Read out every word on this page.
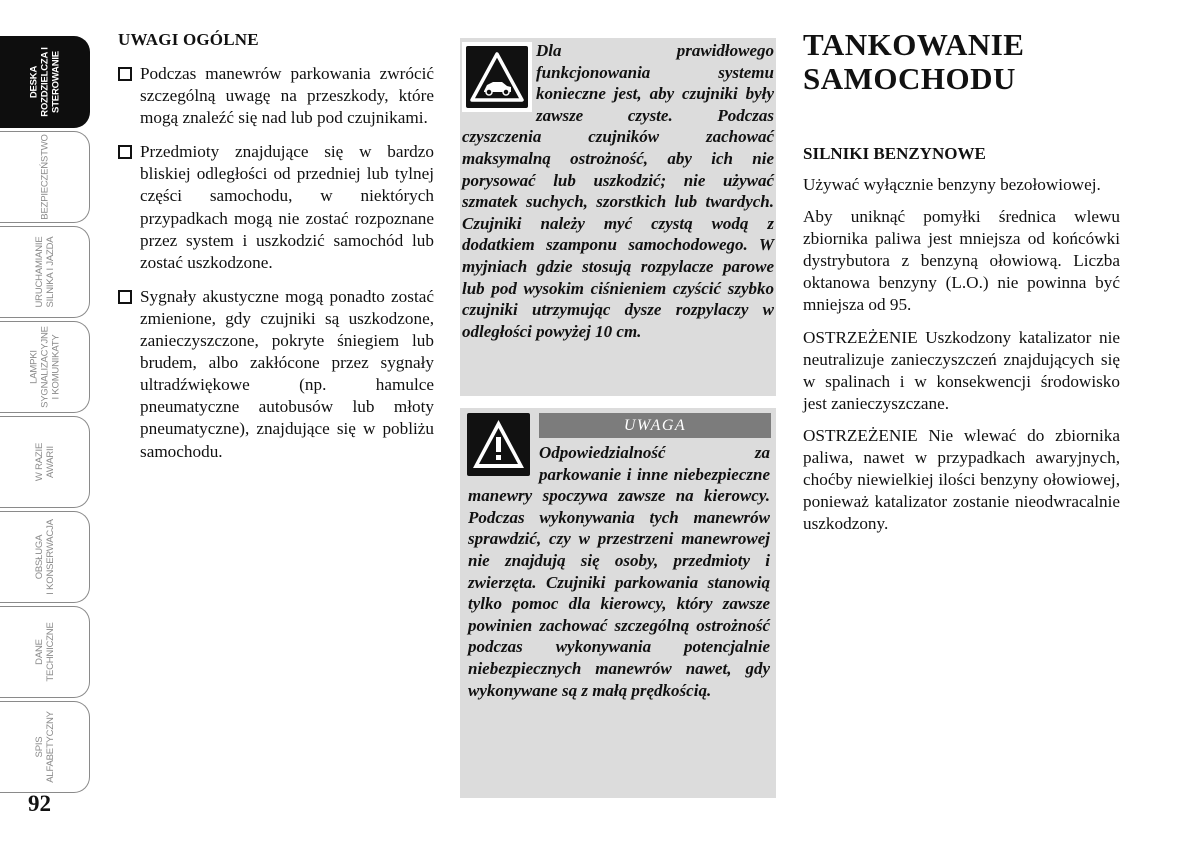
DESKA ROZDZIELCZA I STEROWANIE
BEZPIECZEŃSTWO
URUCHAMIANIE SILNIKA I JAZDA
LAMPKI SYGNALIZACYJNE I KOMUNIKATY
W RAZIE AWARII
OBSŁUGA I KONSERWACJA
DANE TECHNICZNE
SPIS ALFABETYCZNY
92
UWAGI OGÓLNE
Podczas manewrów parkowania zwrócić szczególną uwagę na przeszkody, które mogą znaleźć się nad lub pod czujnikami.
Przedmioty znajdujące się w bardzo bliskiej odległości od przedniej lub tylnej części samochodu, w niektórych przypadkach mogą nie zostać rozpoznane przez system i uszkodzić samochód lub zostać uszkodzone.
Sygnały akustyczne mogą ponadto zostać zmienione, gdy czujniki są uszkodzone, zanieczyszczone, pokryte śniegiem lub brudem, albo zakłócone przez sygnały ultradźwiękowe (np. hamulce pneumatyczne autobusów lub młoty pneumatyczne), znajdujące się w pobliżu samochodu.
Dla prawidłowego funkcjonowania systemu konieczne jest, aby czujniki były zawsze czyste. Podczas czyszczenia czujników zachować maksymalną ostrożność, aby ich nie porysować lub uszkodzić; nie używać szmatek suchych, szorstkich lub twardych. Czujniki należy myć czystą wodą z dodatkiem szamponu samochodowego. W myjniach gdzie stosują rozpylacze parowe lub pod wysokim ciśnieniem czyścić szybko czujniki utrzymując dysze rozpylaczy w odległości powyżej 10 cm.
UWAGA
Odpowiedzialność za parkowanie i inne niebezpieczne manewry spoczywa zawsze na kierowcy. Podczas wykonywania tych manewrów sprawdzić, czy w przestrzeni manewrowej nie znajdują się osoby, przedmioty i zwierzęta. Czujniki parkowania stanowią tylko pomoc dla kierowcy, który zawsze powinien zachować szczególną ostrożność podczas wykonywania potencjalnie niebezpiecznych manewrów nawet, gdy wykonywane są z małą prędkością.
TANKOWANIE
SAMOCHODU
SILNIKI BENZYNOWE

Używać wyłącznie benzyny bezołowiowej.

Aby uniknąć pomyłki średnica wlewu zbiornika paliwa jest mniejsza od końcówki dystrybutora z benzyną ołowiową. Liczba oktanowa benzyny (L.O.) nie powinna być mniejsza od 95.

OSTRZEŻENIE Uszkodzony katalizator nie neutralizuje zanieczyszczeń znajdujących się w spalinach i w konsekwencji środowisko jest zanieczyszczane.

OSTRZEŻENIE Nie wlewać do zbiornika paliwa, nawet w przypadkach awaryjnych, choćby niewielkiej ilości benzyny ołowiowej, ponieważ katalizator zostanie nieodwracalnie uszkodzony.
